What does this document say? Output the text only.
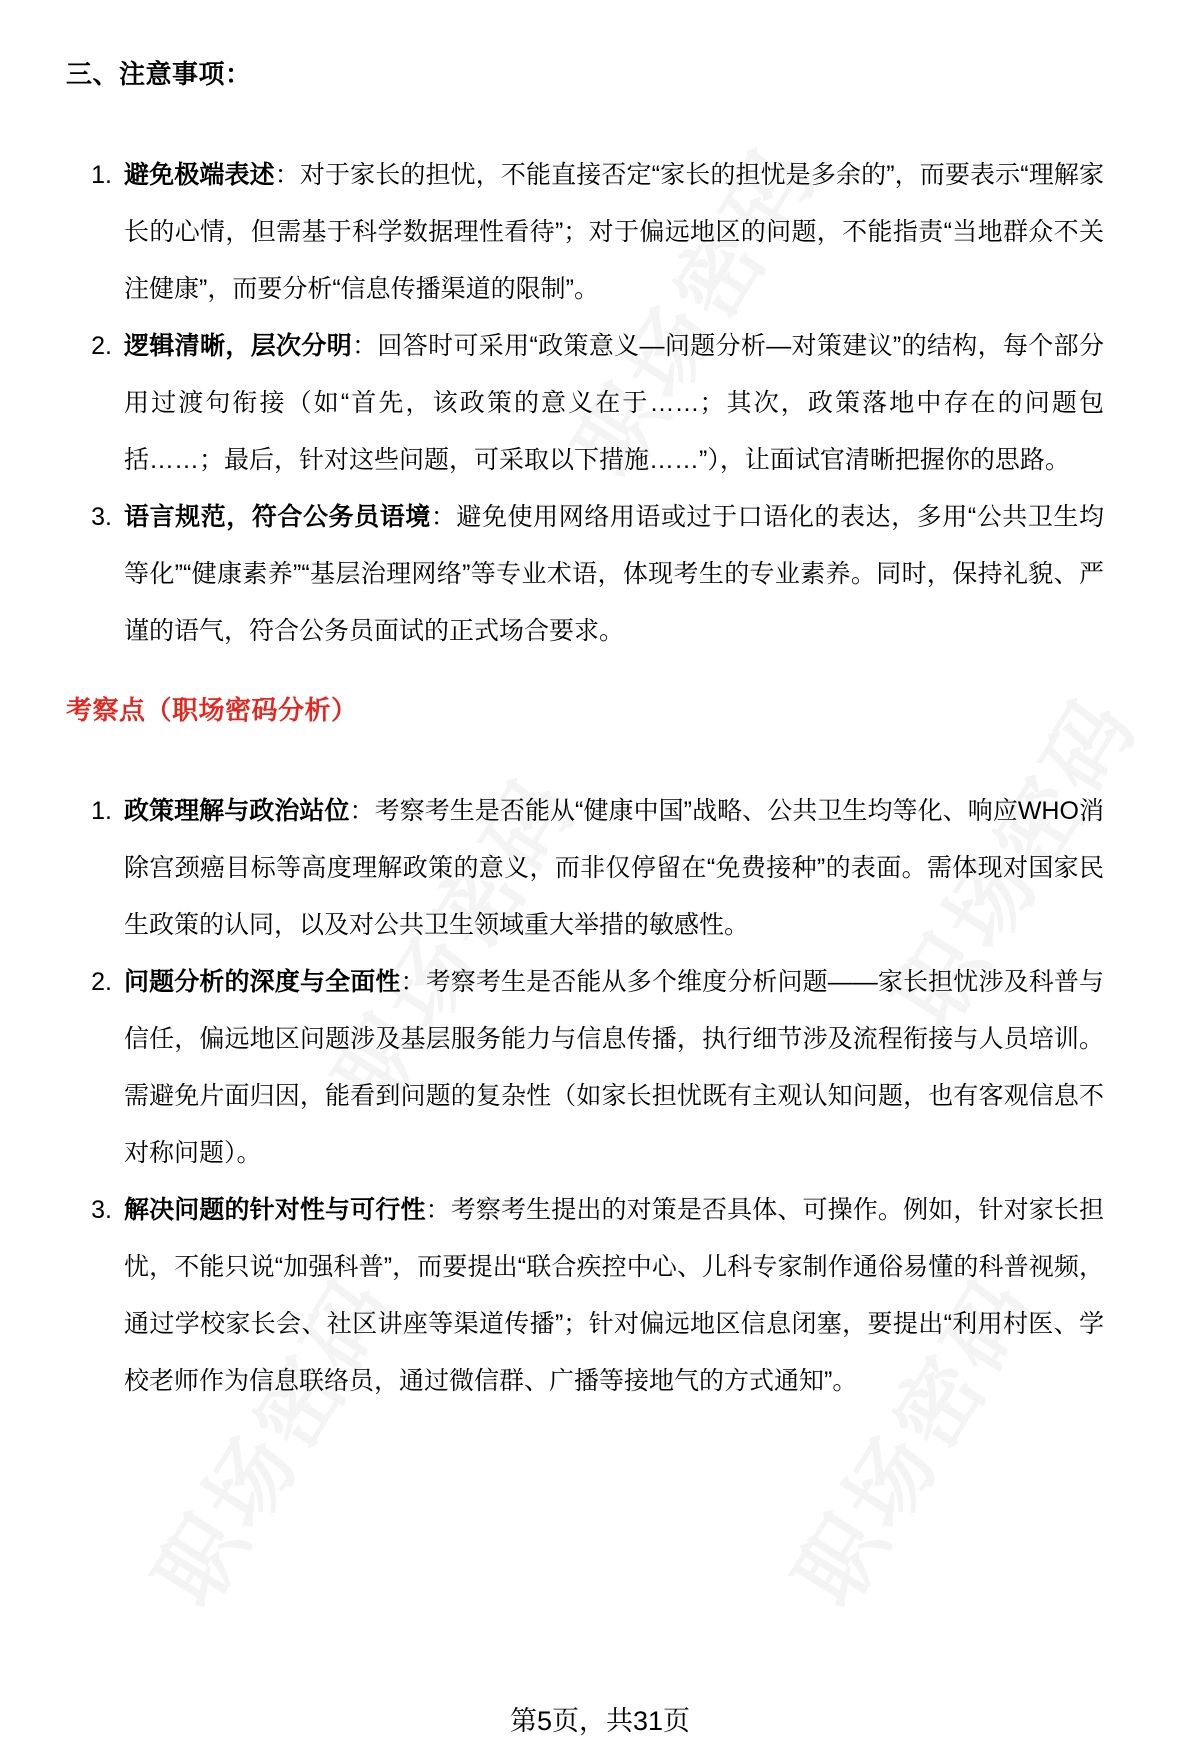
三、注意事项：
1. 避免极端表述：对于家长的担忧，不能直接否定“家长的担忧是多余的”，而要表示“理解家长的心情，但需基于科学数据理性看待”；对于偏远地区的问题，不能指责“当地群众不关注健康”，而要分析“信息传播渠道的限制”。
2. 逻辑清晰，层次分明：回答时可采用“政策意义—问题分析—对策建议”的结构，每个部分用过渡句衔接（如“首先，该政策的意义在于……；其次，政策落地中存在的问题包括……；最后，针对这些问题，可采取以下措施……”），让面试官清晰把握你的思路。
3. 语言规范，符合公务员语境：避免使用网络用语或过于口语化的表达，多用“公共卫生均等化”“健康素养”“基层治理网络”等专业术语，体现考生的专业素养。同时，保持礼貌、严谨的语气，符合公务员面试的正式场合要求。
考察点（职场密码分析）
1. 政策理解与政治站位：考察考生是否能从“健康中国”战略、公共卫生均等化、响应WHO消除宫颈癌目标等高度理解政策的意义，而非仅停留在“免费接种”的表面。需体现对国家民生政策的认同，以及对公共卫生领域重大举措的敏感性。
2. 问题分析的深度与全面性：考察考生是否能从多个维度分析问题——家长担忧涉及科普与信任，偏远地区问题涉及基层服务能力与信息传播，执行细节涉及流程衔接与人员培训。需避免片面归因，能看到问题的复杂性（如家长担忧既有主观认知问题，也有客观信息不对称问题）。
3. 解决问题的针对性与可行性：考察考生提出的对策是否具体、可操作。例如，针对家长担忧，不能只说“加强科普”，而要提出“联合疾控中心、儿科专家制作通俗易懂的科普视频，通过学校家长会、社区讲座等渠道传播”；针对偏远地区信息闭塞，要提出“利用村医、学校老师作为信息联络员，通过微信群、广播等接地气的方式通知”。
第5页，共31页
